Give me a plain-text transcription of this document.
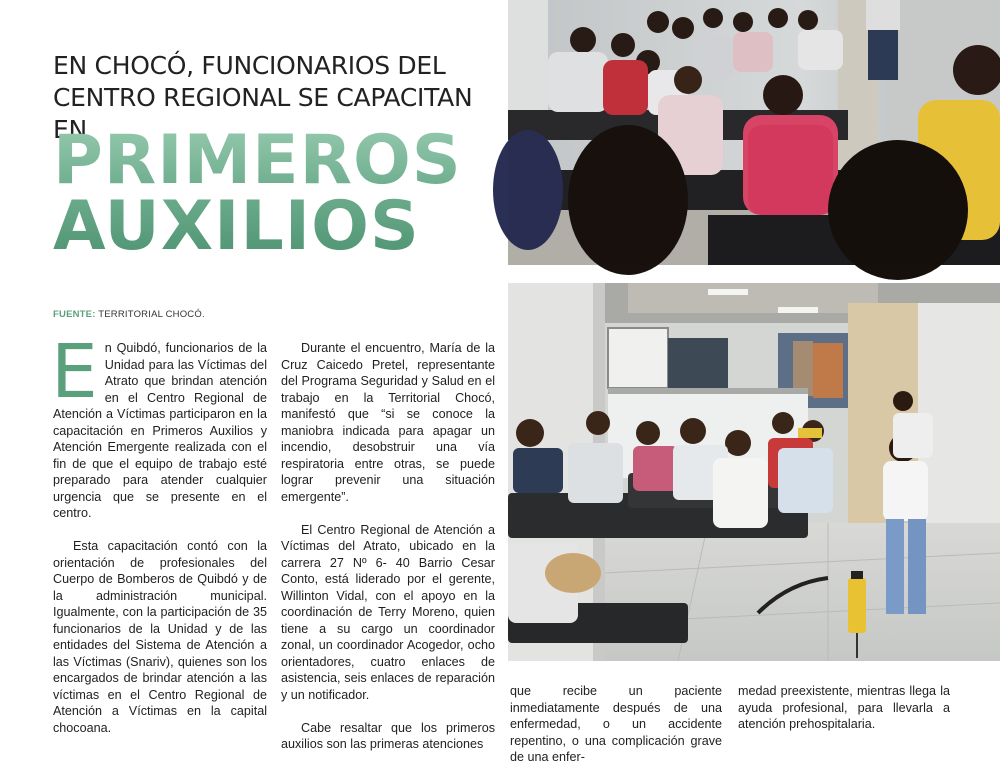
EN CHOCÓ, FUNCIONARIOS DEL
CENTRO REGIONAL SE CAPACITAN
PRIMEROS
AUXILIOS
FUENTE: TERRITORIAL CHOCÓ.

En Quibdó, funcionarios de la Unidad para las Víctimas del Atrato que brindan atención en el Centro Regional de Atención a Víctimas participaron en la capacitación en Primeros Auxilios y Atención Emergente realizada con el fin de que el equipo de trabajo esté preparado para atender cualquier urgencia que se presente en el centro.

Esta capacitación contó con la orientación de profesionales del Cuerpo de Bomberos de Quibdó y de la administración municipal. Igualmente, con la participación de 35 funcionarios de la Unidad y de las entidades del Sistema de Atención a las Víctimas (Snariv), quienes son los encargados de brindar atención a las víctimas en el Centro Regional de Atención a Víctimas en la capital chocoana.

Durante el encuentro, María de la Cruz Caicedo Pretel, representante del Programa Seguridad y Salud en el trabajo en la Territorial Chocó, manifestó que “si se conoce la maniobra indicada para apagar un incendio, desobstruir una vía respiratoria entre otras, se puede lograr prevenir una situación emergente”.

El Centro Regional de Atención a Víctimas del Atrato, ubicado en la carrera 27 Nº 6- 40 Barrio Cesar Conto, está liderado por el gerente, Willinton Vidal, con el apoyo en la coordinación de Terry Moreno, quien tiene a su cargo un coordinador zonal, un coordinador Acogedor, ocho orientadores, cuatro enlaces de asistencia, seis enlaces de reparación y un notificador.

Cabe resaltar que los primeros auxilios son las primeras atenciones

que recibe un paciente inmediatamente después de una enfermedad, o un accidente repentino, o una complicación grave de una enfer-

medad preexistente, mientras llega la ayuda profesional, para llevarla a atención prehospitalaria.
